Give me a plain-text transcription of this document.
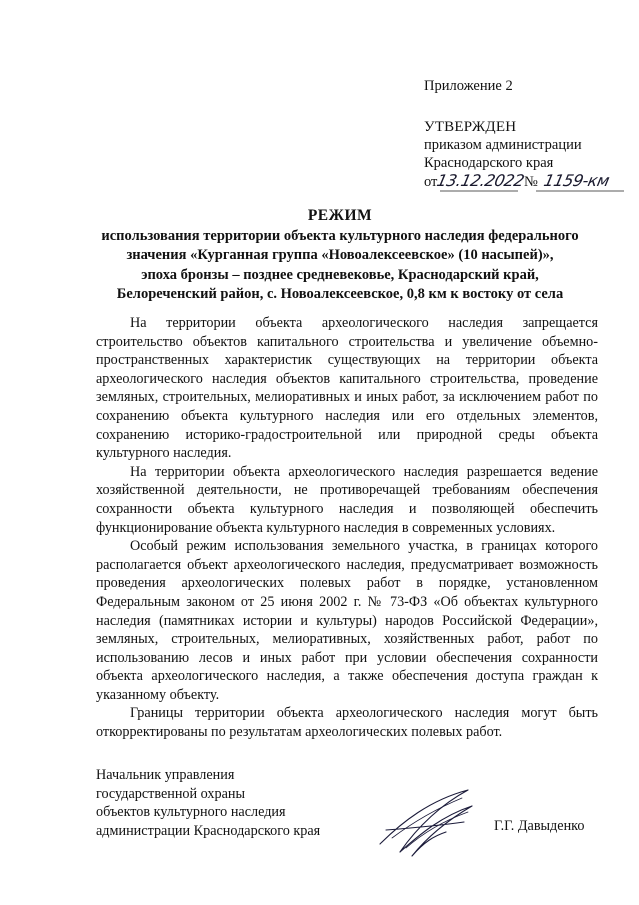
Приложение 2
УТВЕРЖДЕН
приказом администрации
Краснодарского края
от13.12.2022№ 1159-км
РЕЖИМ
использования территории объекта культурного наследия федерального
значения «Курганная группа «Новоалексеевское» (10 насыпей)»,
эпоха бронзы – позднее средневековье, Краснодарский край,
Белореченский район, с. Новоалексеевское, 0,8 км к востоку от села

На территории объекта археологического наследия запрещается строительство объектов капитального строительства и увеличение объемно-пространственных характеристик существующих на территории объекта археологического наследия объектов капитального строительства, проведение земляных, строительных, мелиоративных и иных работ, за исключением работ по сохранению объекта культурного наследия или его отдельных элементов, сохранению историко-градостроительной или природной среды объекта культурного наследия.

На территории объекта археологического наследия разрешается ведение хозяйственной деятельности, не противоречащей требованиям обеспечения сохранности объекта культурного наследия и позволяющей обеспечить функционирование объекта культурного наследия в современных условиях.

Особый режим использования земельного участка, в границах которого располагается объект археологического наследия, предусматривает возможность проведения археологических полевых работ в порядке, установленном Федеральным законом от 25 июня 2002 г. № 73-ФЗ «Об объектах культурного наследия (памятниках истории и культуры) народов Российской Федерации», земляных, строительных, мелиоративных, хозяйственных работ, работ по использованию лесов и иных работ при условии обеспечения сохранности объекта археологического наследия, а также обеспечения доступа граждан к указанному объекту.

Границы территории объекта археологического наследия могут быть откорректированы по результатам археологических полевых работ.

Начальник управления
государственной охраны
объектов культурного наследия
администрации Краснодарского края	Г.Г. Давыденко
